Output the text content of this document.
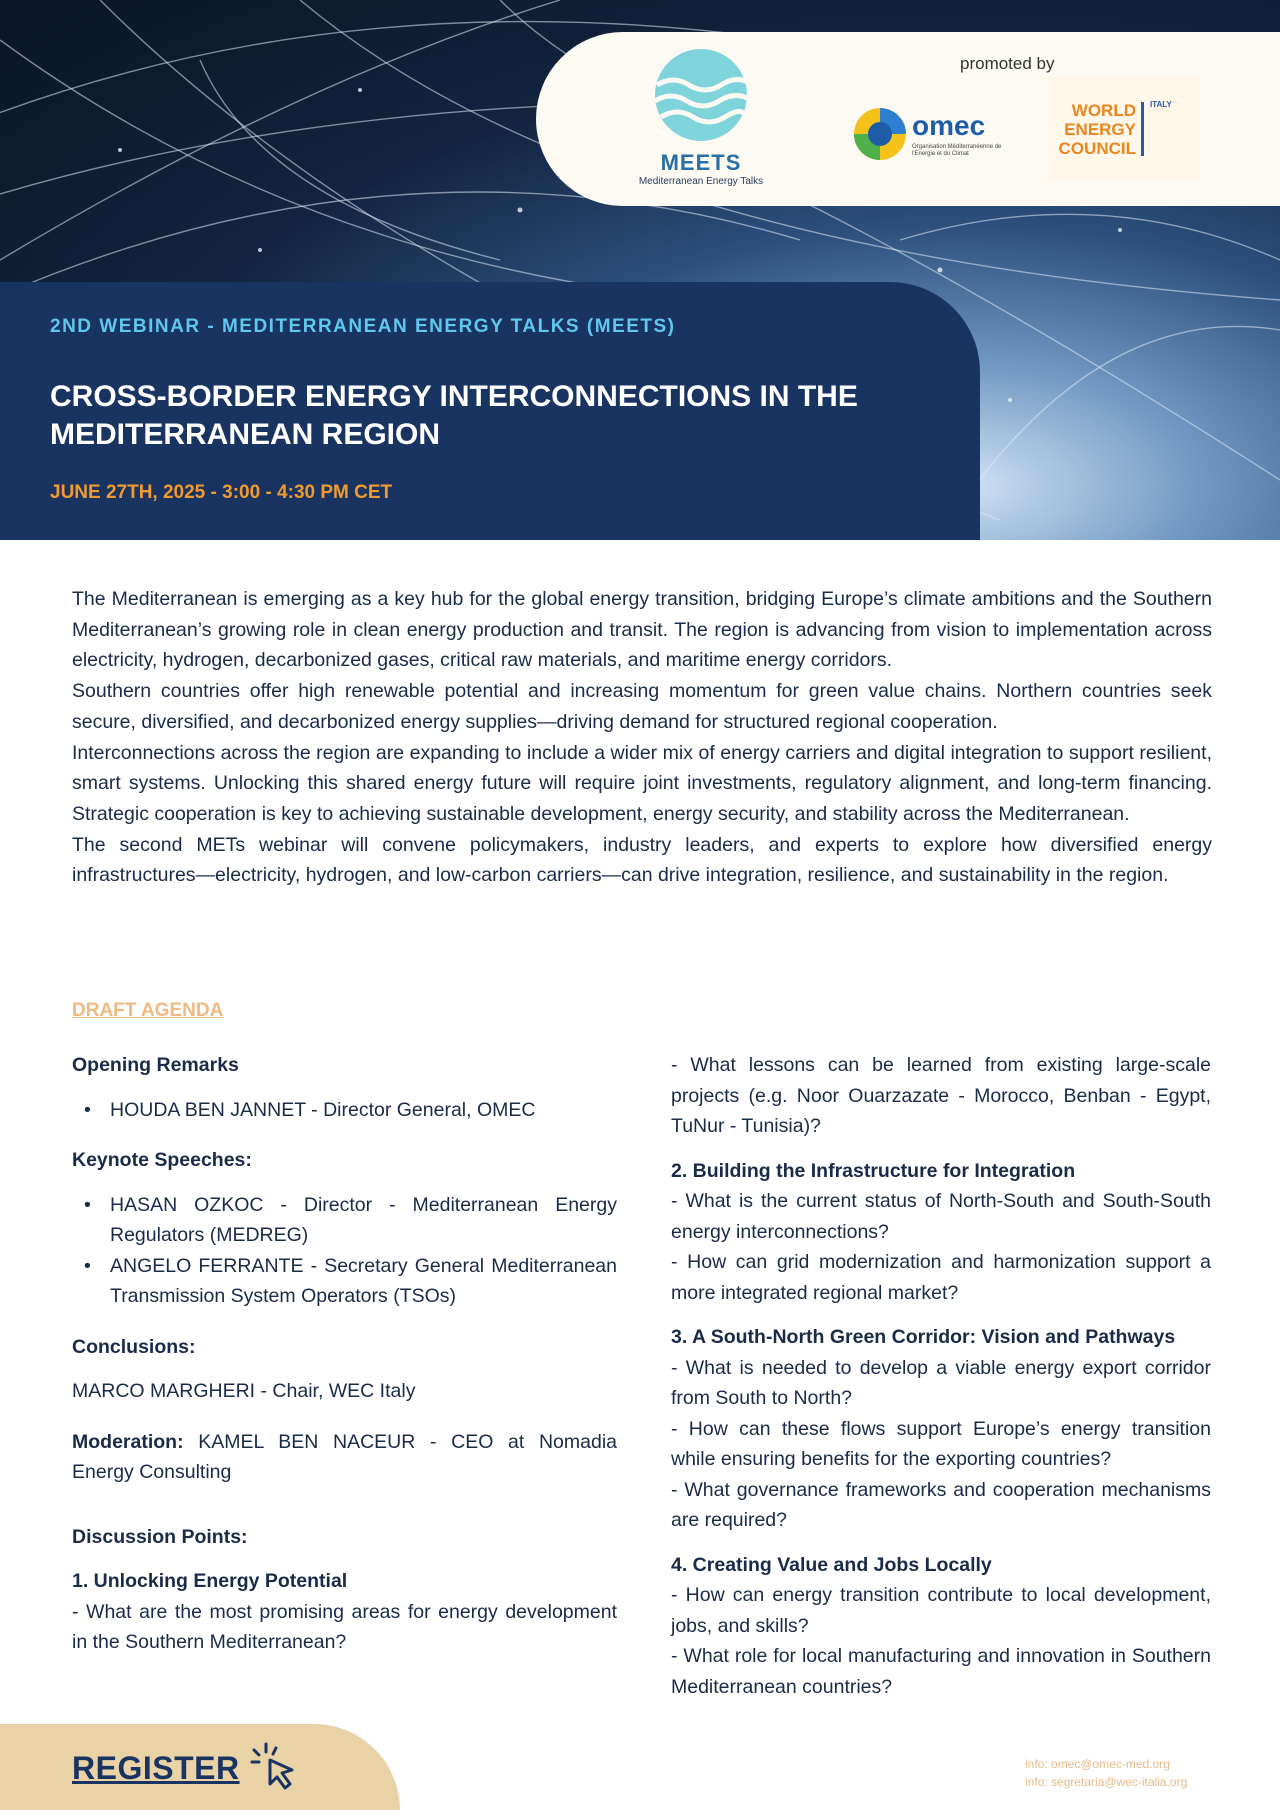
MEETS
Mediterranean Energy Talks
promoted by
omec
Organisation Méditerranéenne de l'Energie et du Climat
WORLD ENERGY COUNCIL
ITALY
2ND WEBINAR - MEDITERRANEAN ENERGY TALKS (MEETS)
CROSS-BORDER ENERGY INTERCONNECTIONS IN THE MEDITERRANEAN REGION
JUNE 27TH, 2025 - 3:00 - 4:30 PM CET

The Mediterranean is emerging as a key hub for the global energy transition, bridging Europe’s climate ambitions and the Southern Mediterranean’s growing role in clean energy production and transit. The region is advancing from vision to implementation across electricity, hydrogen, decarbonized gases, critical raw materials, and maritime energy corridors.

Southern countries offer high renewable potential and increasing momentum for green value chains. Northern countries seek secure, diversified, and decarbonized energy supplies—driving demand for structured regional cooperation.

Interconnections across the region are expanding to include a wider mix of energy carriers and digital integration to support resilient, smart systems. Unlocking this shared energy future will require joint investments, regulatory alignment, and long-term financing. Strategic cooperation is key to achieving sustainable development, energy security, and stability across the Mediterranean.

The second METs webinar will convene policymakers, industry leaders, and experts to explore how diversified energy infrastructures—electricity, hydrogen, and low-carbon carriers—can drive integration, resilience, and sustainability in the region.

DRAFT AGENDA
Opening Remarks
• HOUDA BEN JANNET - Director General, OMEC
Keynote Speeches:
• HASAN OZKOC - Director - Mediterranean Energy Regulators (MEDREG)
• ANGELO FERRANTE - Secretary General Mediterranean Transmission System Operators (TSOs)
Conclusions:
MARCO MARGHERI - Chair, WEC Italy
Moderation: KAMEL BEN NACEUR - CEO at Nomadia Energy Consulting
Discussion Points:
1. Unlocking Energy Potential
- What are the most promising areas for energy development in the Southern Mediterranean?
- What lessons can be learned from existing large-scale projects (e.g. Noor Ouarzazate - Morocco, Benban - Egypt, TuNur - Tunisia)?
2. Building the Infrastructure for Integration
- What is the current status of North-South and South-South energy interconnections?
- How can grid modernization and harmonization support a more integrated regional market?
3. A South-North Green Corridor: Vision and Pathways
- What is needed to develop a viable energy export corridor from South to North?
- How can these flows support Europe’s energy transition while ensuring benefits for the exporting countries?
- What governance frameworks and cooperation mechanisms are required?
4. Creating Value and Jobs Locally
- How can energy transition contribute to local development, jobs, and skills?
- What role for local manufacturing and innovation in Southern Mediterranean countries?
REGISTER	info: omec@omec-med.org
info: segretaria@wec-italia.org
